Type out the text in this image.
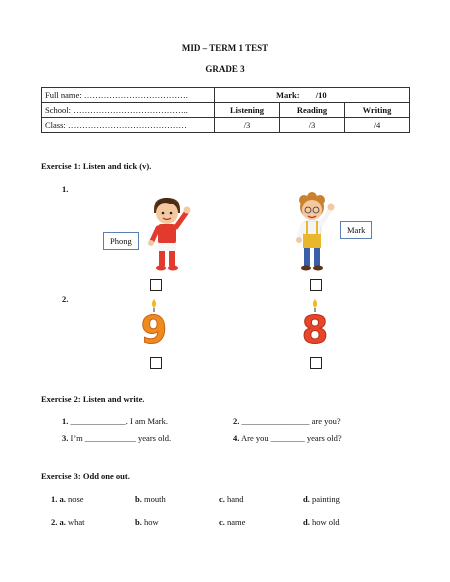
MID – TERM 1 TEST
GRADE 3
Full name: ……………………………….	Mark: /10		
School: …………………………………..	Listening	Reading	Writing
Class: ……………………………………	/3	/3	/4
Exercise 1: Listen and tick (v).
1.
Phong
Mark
2.
9	8
Exercise 2: Listen and write.
1. _____________. I am Mark.	2. ________________ are you?
3. I’m ____________ years old.	4. Are you ________ years old?
Exercise 3: Odd one out.
1. a. nose	b. mouth	c. hand	d. painting
2. a. what	b. how	c. name	d. how old
